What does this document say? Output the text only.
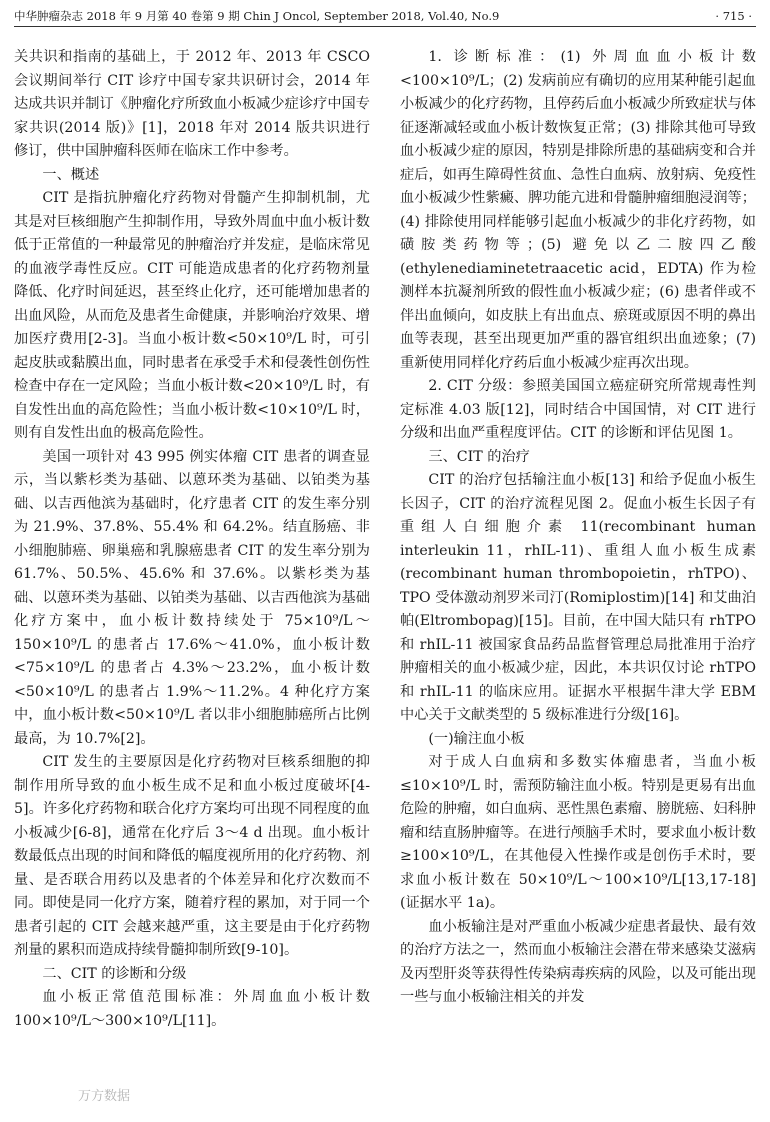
中华肿瘤杂志 2018 年 9 月第 40 卷第 9 期 Chin J Oncol, September 2018, Vol.40, No.9	· 715 ·

关共识和指南的基础上，于 2012 年、2013 年 CSCO 会议期间举行 CIT 诊疗中国专家共识研讨会，2014 年达成共识并制订《肿瘤化疗所致血小板减少症诊疗中国专家共识(2014 版)》[1]，2018 年对 2014 版共识进行修订，供中国肿瘤科医师在临床工作中参考。

一、概述

CIT 是指抗肿瘤化疗药物对骨髓产生抑制机制，尤其是对巨核细胞产生抑制作用，导致外周血中血小板计数低于正常值的一种最常见的肿瘤治疗并发症，是临床常见的血液学毒性反应。CIT 可能造成患者的化疗药物剂量降低、化疗时间延迟，甚至终止化疗，还可能增加患者的出血风险，从而危及患者生命健康，并影响治疗效果、增加医疗费用[2-3]。当血小板计数<50×10⁹/L 时，可引起皮肤或黏膜出血，同时患者在承受手术和侵袭性创伤性检查中存在一定风险；当血小板计数<20×10⁹/L 时，有自发性出血的高危险性；当血小板计数<10×10⁹/L 时，则有自发性出血的极高危险性。

美国一项针对 43 995 例实体瘤 CIT 患者的调查显示，当以紫杉类为基础、以蒽环类为基础、以铂类为基础、以吉西他滨为基础时，化疗患者 CIT 的发生率分别为 21.9%、37.8%、55.4% 和 64.2%。结直肠癌、非小细胞肺癌、卵巢癌和乳腺癌患者 CIT 的发生率分别为 61.7%、50.5%、45.6% 和 37.6%。以紫杉类为基础、以蒽环类为基础、以铂类为基础、以吉西他滨为基础化疗方案中，血小板计数持续处于 75×10⁹/L～150×10⁹/L 的患者占 17.6%～41.0%，血小板计数<75×10⁹/L 的患者占 4.3%～23.2%，血小板计数<50×10⁹/L 的患者占 1.9%～11.2%。4 种化疗方案中，血小板计数<50×10⁹/L 者以非小细胞肺癌所占比例最高，为 10.7%[2]。

CIT 发生的主要原因是化疗药物对巨核系细胞的抑制作用所导致的血小板生成不足和血小板过度破坏[4-5]。许多化疗药物和联合化疗方案均可出现不同程度的血小板减少[6-8]，通常在化疗后 3～4 d 出现。血小板计数最低点出现的时间和降低的幅度视所用的化疗药物、剂量、是否联合用药以及患者的个体差异和化疗次数而不同。即使是同一化疗方案，随着疗程的累加，对于同一个患者引起的 CIT 会越来越严重，这主要是由于化疗药物剂量的累积而造成持续骨髓抑制所致[9-10]。

二、CIT 的诊断和分级

血小板正常值范围标准：外周血血小板计数 100×10⁹/L～300×10⁹/L[11]。

1. 诊断标准：(1) 外周血血小板计数<100×10⁹/L；(2) 发病前应有确切的应用某种能引起血小板减少的化疗药物，且停药后血小板减少所致症状与体征逐渐减轻或血小板计数恢复正常；(3) 排除其他可导致血小板减少症的原因，特别是排除所患的基础病变和合并症后，如再生障碍性贫血、急性白血病、放射病、免疫性血小板减少性紫癜、脾功能亢进和骨髓肿瘤细胞浸润等；(4) 排除使用同样能够引起血小板减少的非化疗药物，如磺胺类药物等；(5) 避免以乙二胺四乙酸(ethylenediaminetetraacetic acid，EDTA) 作为检测样本抗凝剂所致的假性血小板减少症；(6) 患者伴或不伴出血倾向，如皮肤上有出血点、瘀斑或原因不明的鼻出血等表现，甚至出现更加严重的器官组织出血迹象；(7) 重新使用同样化疗药后血小板减少症再次出现。

2. CIT 分级：参照美国国立癌症研究所常规毒性判定标准 4.03 版[12]，同时结合中国国情，对 CIT 进行分级和出血严重程度评估。CIT 的诊断和评估见图 1。

三、CIT 的治疗

CIT 的治疗包括输注血小板[13] 和给予促血小板生长因子，CIT 的治疗流程见图 2。促血小板生长因子有重组人白细胞介素 11(recombinant human interleukin 11，rhIL-11)、重组人血小板生成素(recombinant human thrombopoietin，rhTPO)、TPO 受体激动剂罗米司汀(Romiplostim)[14] 和艾曲泊帕(Eltrombopag)[15]。目前，在中国大陆只有 rhTPO 和 rhIL-11 被国家食品药品监督管理总局批准用于治疗肿瘤相关的血小板减少症，因此，本共识仅讨论 rhTPO 和 rhIL-11 的临床应用。证据水平根据牛津大学 EBM 中心关于文献类型的 5 级标准进行分级[16]。

(一)输注血小板

对于成人白血病和多数实体瘤患者，当血小板≤10×10⁹/L 时，需预防输注血小板。特别是更易有出血危险的肿瘤，如白血病、恶性黑色素瘤、膀胱癌、妇科肿瘤和结直肠肿瘤等。在进行颅脑手术时，要求血小板计数≥100×10⁹/L，在其他侵入性操作或是创伤手术时，要求血小板计数在 50×10⁹/L～100×10⁹/L[13,17-18](证据水平 1a)。

血小板输注是对严重血小板减少症患者最快、最有效的治疗方法之一，然而血小板输注会潜在带来感染艾滋病及丙型肝炎等获得性传染病毒疾病的风险，以及可能出现一些与血小板输注相关的并发

万方数据
